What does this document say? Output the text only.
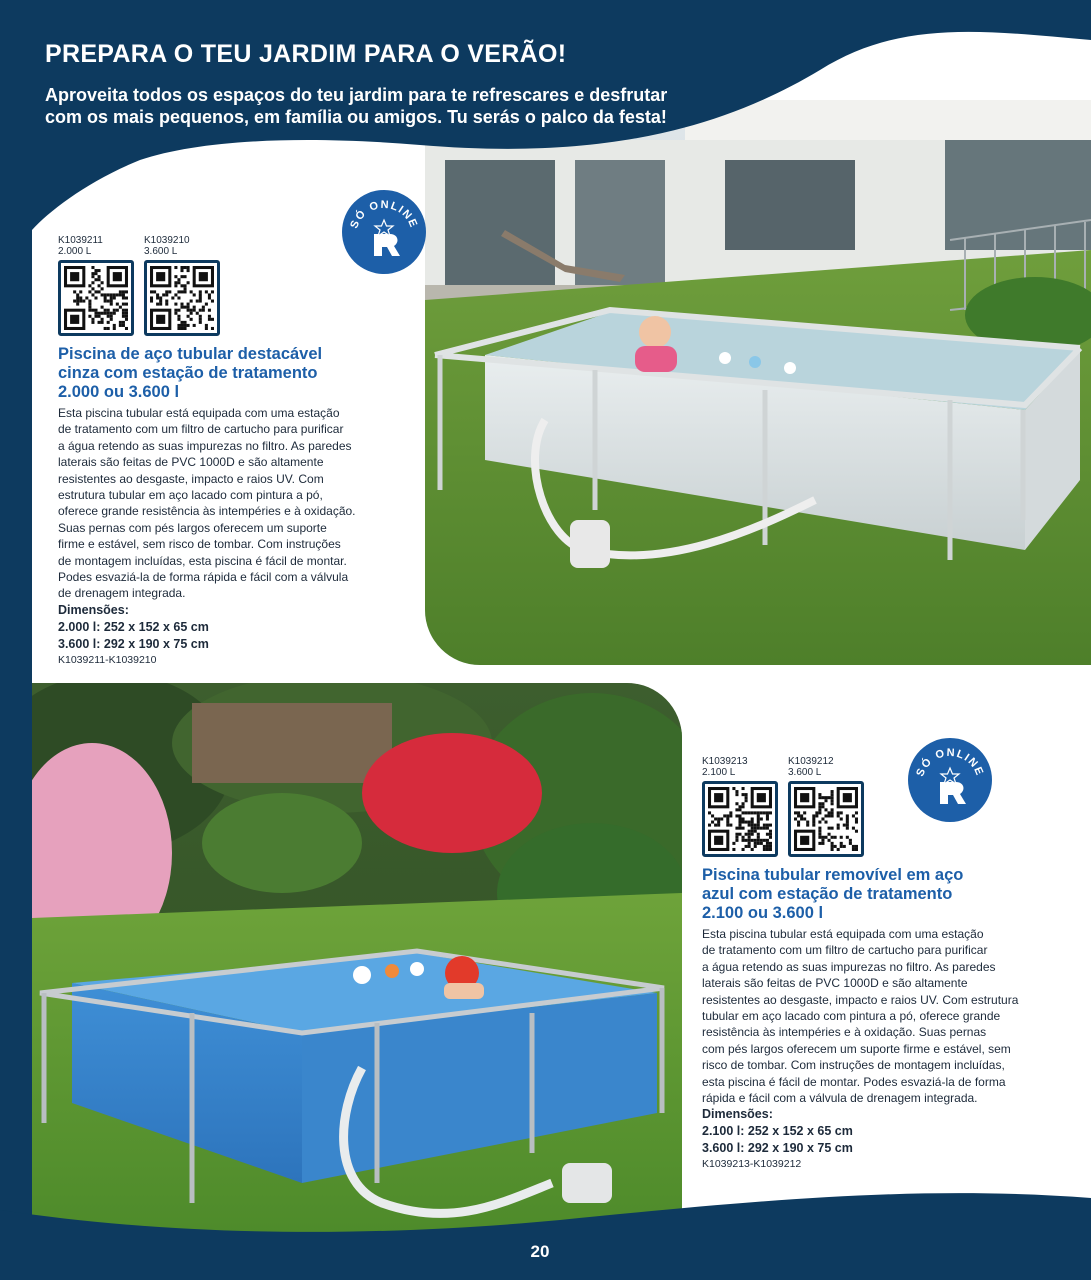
PREPARA O TEU JARDIM PARA O VERÃO!
Aproveita todos os espaços do teu jardim para te refrescares e desfrutar
com os mais pequenos, em família ou amigos. Tu serás o palco da festa!
SÓ ONLINE
K1039211
2.000 L
K1039210
3.600 L
Piscina de aço tubular destacável
cinza com estação de tratamento
2.000 ou 3.600 l
Esta piscina tubular está equipada com uma estação
de tratamento com um filtro de cartucho para purificar
a água retendo as suas impurezas no filtro. As paredes
laterais são feitas de PVC 1000D e são altamente
resistentes ao desgaste, impacto e raios UV. Com
estrutura tubular em aço lacado com pintura a pó,
oferece grande resistência às intempéries e à oxidação.
Suas pernas com pés largos oferecem um suporte
firme e estável, sem risco de tombar. Com instruções
de montagem incluídas, esta piscina é fácil de montar.
Podes esvaziá-la de forma rápida e fácil com a válvula
de drenagem integrada.
Dimensões:
2.000 l: 252 x 152 x 65 cm
3.600 l: 292 x 190 x 75 cm
K1039211-K1039210
SÓ ONLINE
K1039213
2.100 L
K1039212
3.600 L
Piscina tubular removível em aço
azul com estação de tratamento
2.100 ou 3.600 l
Esta piscina tubular está equipada com uma estação
de tratamento com um filtro de cartucho para purificar
a água retendo as suas impurezas no filtro. As paredes
laterais são feitas de PVC 1000D e são altamente
resistentes ao desgaste, impacto e raios UV. Com estrutura
tubular em aço lacado com pintura a pó, oferece grande
resistência às intempéries e à oxidação. Suas pernas
com pés largos oferecem um suporte firme e estável, sem
risco de tombar. Com instruções de montagem incluídas,
esta piscina é fácil de montar. Podes esvaziá-la de forma
rápida e fácil com a válvula de drenagem integrada.
Dimensões:
2.100 l: 252 x 152 x 65 cm
3.600 l: 292 x 190 x 75 cm
K1039213-K1039212
20
